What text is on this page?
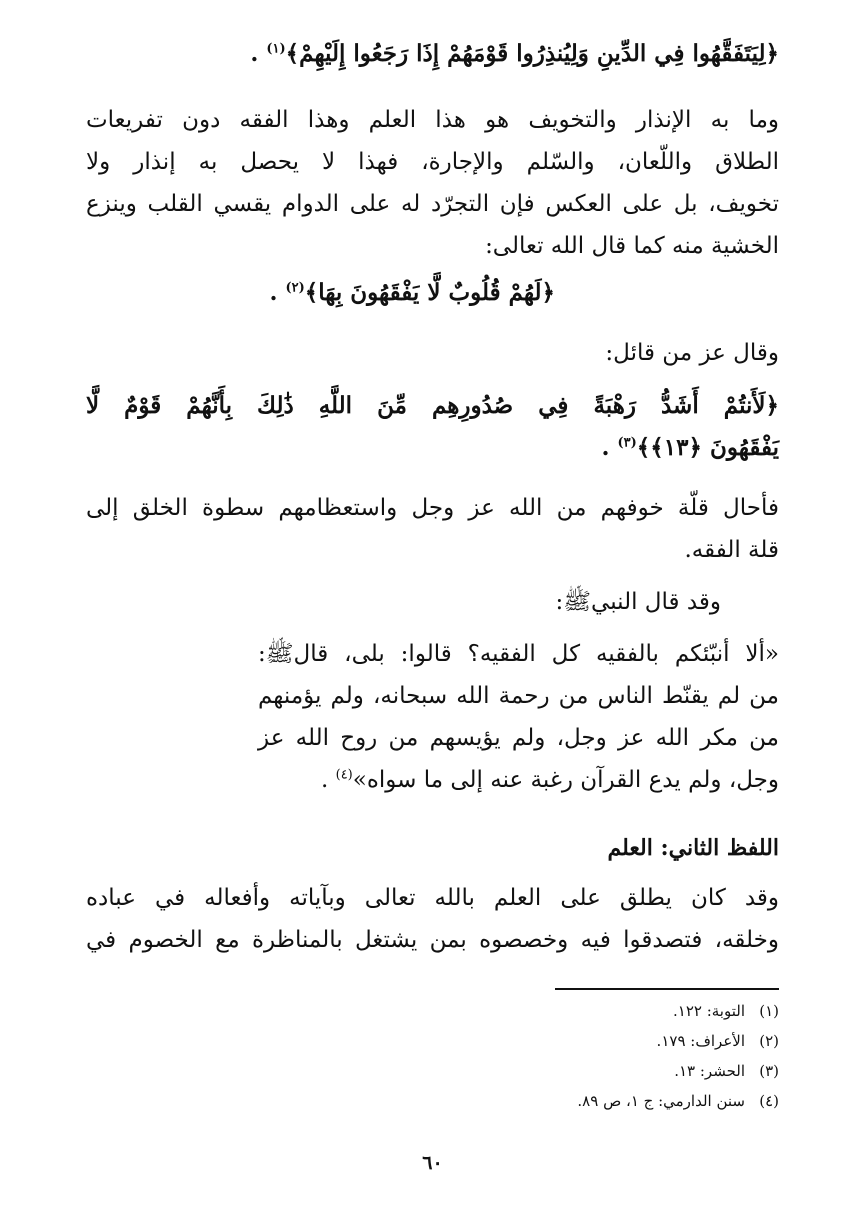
﴿لِيَتَفَقَّهُوا فِي الدِّينِ وَلِيُنذِرُوا قَوْمَهُمْ إِذَا رَجَعُوا إِلَيْهِمْ﴾$^{(١)}$ .
وما به الإنذار والتخويف هو هذا العلم وهذا الفقه دون تفريعات
الطلاق واللّعان، والسّلم والإجارة، فهذا لا يحصل به إنذار ولا
تخويف، بل على العكس فإن التجرّد له على الدوام يقسي القلب وينزع
الخشية منه كما قال الله تعالى:
﴿لَهُمْ قُلُوبٌ لَّا يَفْقَهُونَ بِهَا﴾$^{(٢)}$ .
وقال عز من قائل:
﴿لَأَنتُمْ أَشَدُّ رَهْبَةً فِي صُدُورِهِم مِّنَ اللَّهِ ذَٰلِكَ بِأَنَّهُمْ قَوْمٌ لَّا
يَفْقَهُونَ ﴿١٣﴾﴾$^{(٣)}$ .
فأحال قلّة خوفهم من الله عز وجل واستعظامهم سطوة الخلق إلى
قلة الفقه.
وقد قال النبيﷺ:
«ألا أنبّئكم بالفقيه كل الفقيه؟ قالوا: بلى، قالﷺ:
من لم يقنّط الناس من رحمة الله سبحانه، ولم يؤمنهم
من مكر الله عز وجل، ولم يؤيسهم من روح الله عز
وجل، ولم يدع القرآن رغبة عنه إلى ما سواه»$^{(٤)}$ .
اللفظ الثاني: العلم
وقد كان يطلق على العلم بالله تعالى وبآياته وأفعاله في عباده
وخلقه، فتصدقوا فيه وخصصوه بمن يشتغل بالمناظرة مع الخصوم في
(١)التوبة: ١٢٢.
(٢)الأعراف: ١٧٩.
(٣)الحشر: ١٣.
(٤)سنن الدارمي: ج ١، ص ٨٩.
٦٠
